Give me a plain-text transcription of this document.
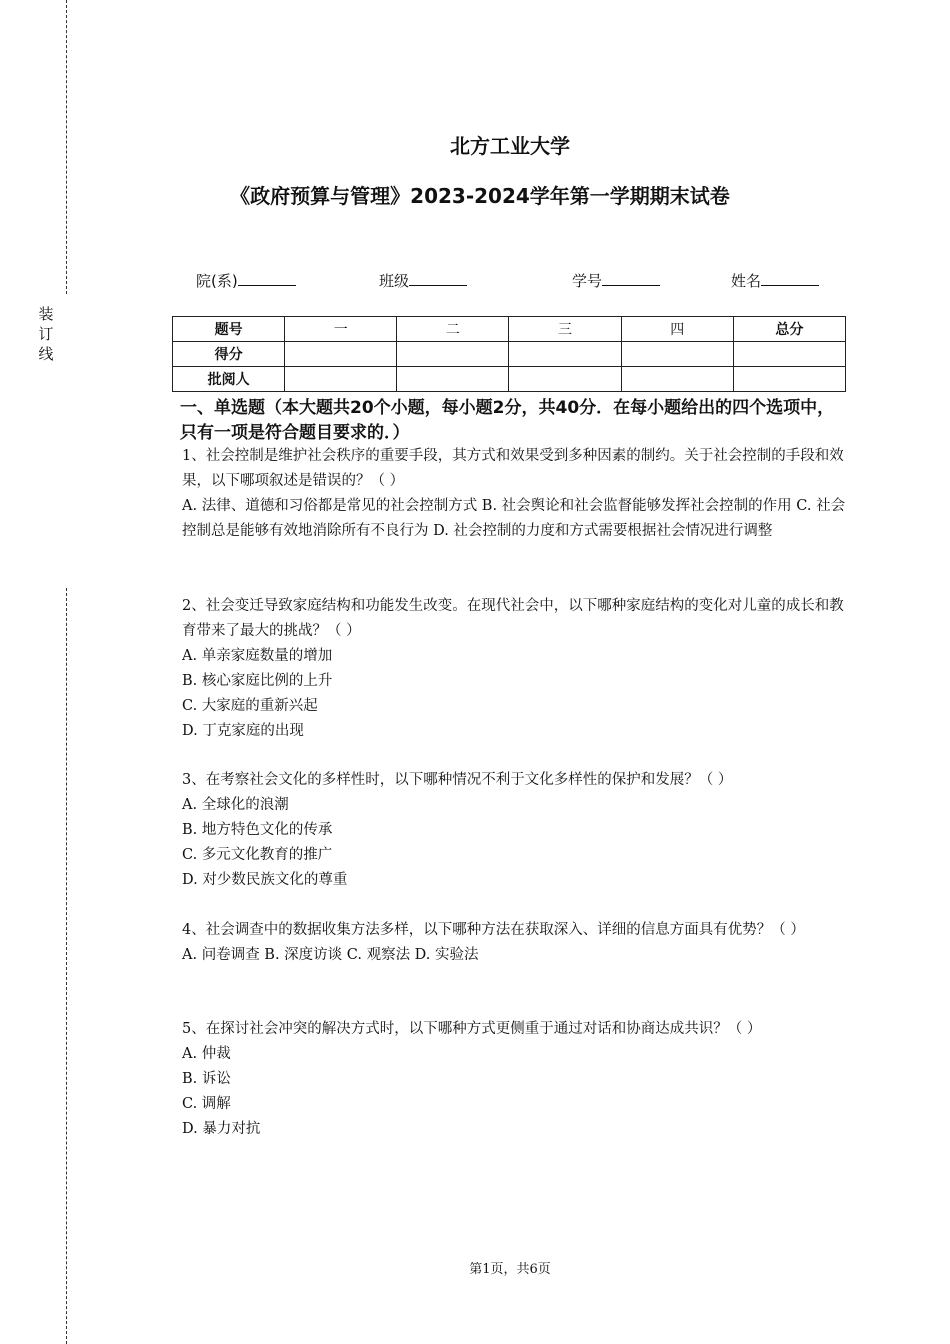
装
订
线
北方工业大学
《政府预算与管理》2023-2024学年第一学期期末试卷
院(系)	班级	学号	姓名
题号	一	二	三	四	总分
得分					
批阅人					
一、单选题（本大题共20个小题，每小题2分，共40分．在每小题给出的四个选项中，只有一项是符合题目要求的．）

1、社会控制是维护社会秩序的重要手段，其方式和效果受到多种因素的制约。关于社会控制的手段和效果，以下哪项叙述是错误的？（ ）

A. 法律、道德和习俗都是常见的社会控制方式 B. 社会舆论和社会监督能够发挥社会控制的作用 C. 社会控制总是能够有效地消除所有不良行为 D. 社会控制的力度和方式需要根据社会情况进行调整

2、社会变迁导致家庭结构和功能发生改变。在现代社会中，以下哪种家庭结构的变化对儿童的成长和教育带来了最大的挑战？（ ）

A. 单亲家庭数量的增加

B. 核心家庭比例的上升

C. 大家庭的重新兴起

D. 丁克家庭的出现

3、在考察社会文化的多样性时，以下哪种情况不利于文化多样性的保护和发展？（ ）

A. 全球化的浪潮

B. 地方特色文化的传承

C. 多元文化教育的推广

D. 对少数民族文化的尊重

4、社会调查中的数据收集方法多样，以下哪种方法在获取深入、详细的信息方面具有优势？（ ）

A. 问卷调查 B. 深度访谈 C. 观察法 D. 实验法

5、在探讨社会冲突的解决方式时，以下哪种方式更侧重于通过对话和协商达成共识？（ ）

A. 仲裁

B. 诉讼

C. 调解

D. 暴力对抗

第1页，共6页
